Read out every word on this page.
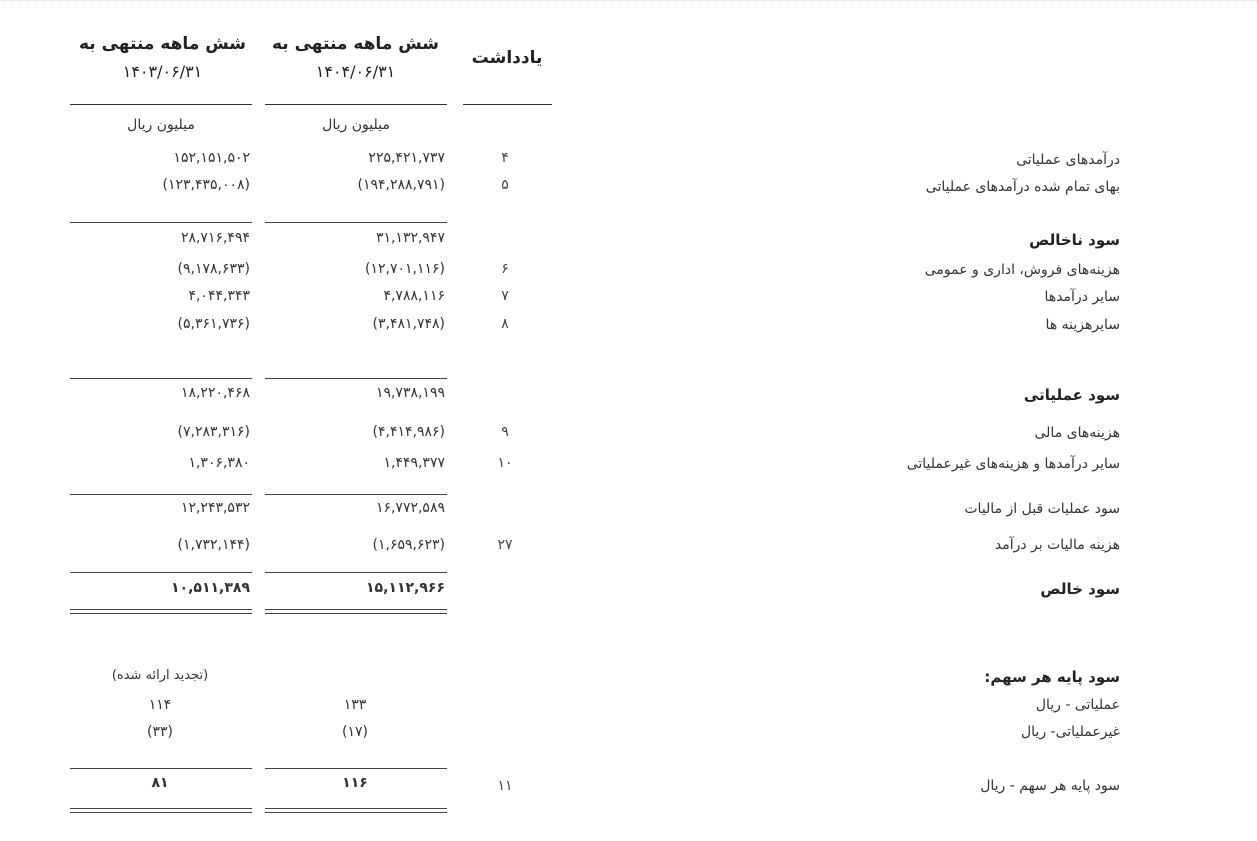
شش ماهه منتهی به
۱۴۰۳/۰۶/۳۱
شش ماهه منتهی به
۱۴۰۴/۰۶/۳۱
یادداشت
میلیون ریال	میلیون ریال
۱۵۲,۱۵۱,۵۰۲	۲۲۵,۴۲۱,۷۳۷	۴	درآمدهای عملیاتی
(۱۲۳,۴۳۵,۰۰۸)	(۱۹۴,۲۸۸,۷۹۱)	۵	بهای تمام شده درآمدهای عملیاتی
۲۸,۷۱۶,۴۹۴	۳۱,۱۳۲,۹۴۷	سود ناخالص
(۹,۱۷۸,۶۳۳)	(۱۲,۷۰۱,۱۱۶)	۶	هزینه‌های فروش، اداری و عمومی
۴,۰۴۴,۳۴۳	۴,۷۸۸,۱۱۶	۷	سایر درآمدها
(۵,۳۶۱,۷۳۶)	(۳,۴۸۱,۷۴۸)	۸	سایرهزینه ها
۱۸,۲۲۰,۴۶۸	۱۹,۷۳۸,۱۹۹	سود عملیاتی
(۷,۲۸۳,۳۱۶)	(۴,۴۱۴,۹۸۶)	۹	هزینه‌های مالی
۱,۳۰۶,۳۸۰	۱,۴۴۹,۳۷۷	۱۰	سایر درآمدها و هزینه‌های غیرعملیاتی
۱۲,۲۴۳,۵۳۲	۱۶,۷۷۲,۵۸۹	سود عملیات قبل از مالیات
(۱,۷۳۲,۱۴۴)	(۱,۶۵۹,۶۲۳)	۲۷	هزینه مالیات بر درآمد
۱۰,۵۱۱,۳۸۹	۱۵,۱۱۲,۹۶۶	سود خالص
(تجدید ارائه شده)	سود پایه هر سهم:
۱۱۴	۱۳۳	عملیاتی - ریال
(۳۳)	(۱۷)	غیرعملیاتی- ریال
۸۱	۱۱۶	۱۱	سود پایه هر سهم - ریال
